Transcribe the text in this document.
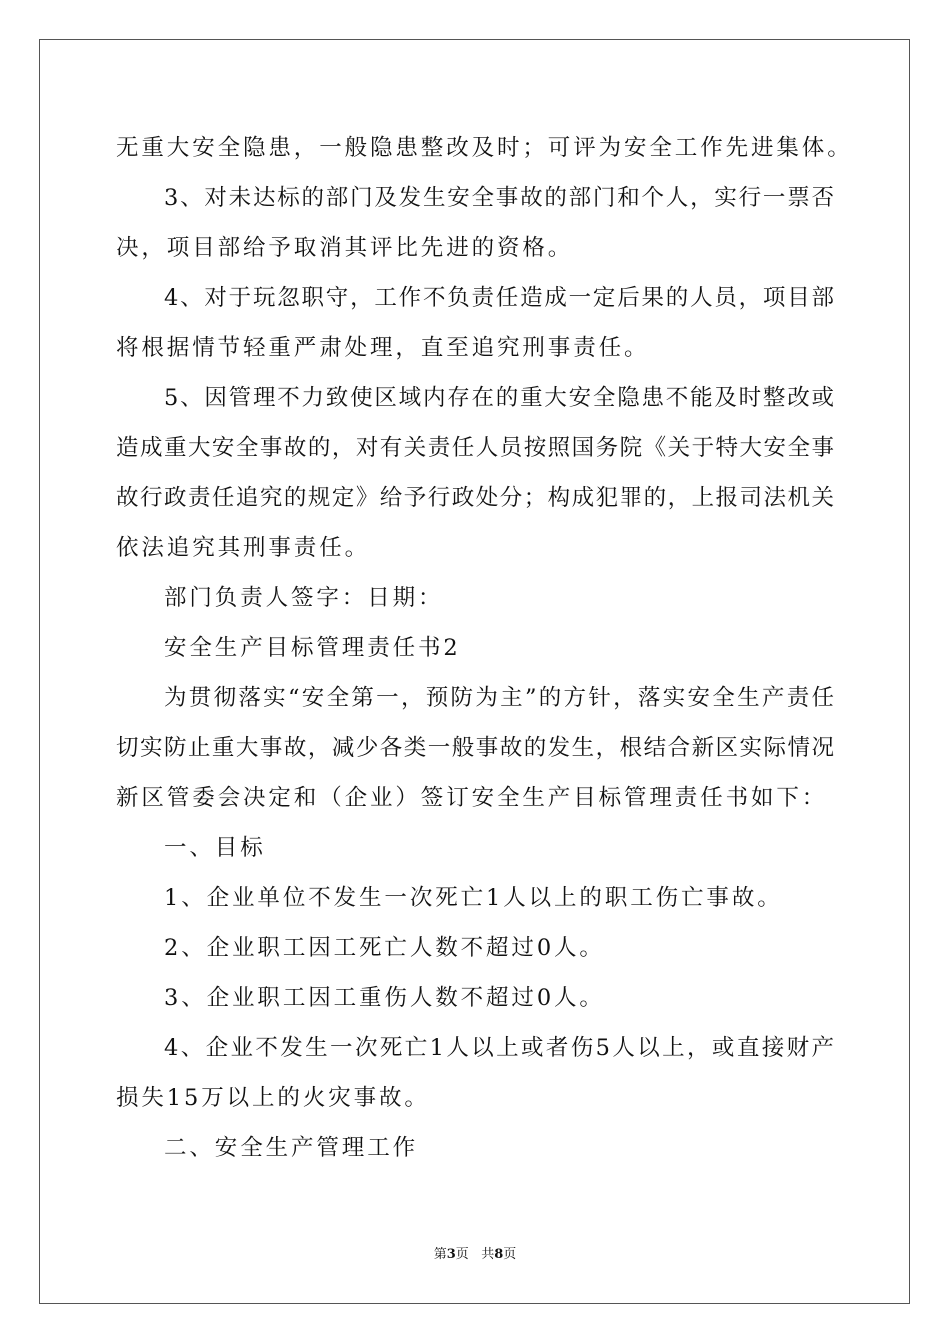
无重大安全隐患，一般隐患整改及时；可评为安全工作先进集体。
3、对未达标的部门及发生安全事故的部门和个人，实行一票否
决，项目部给予取消其评比先进的资格。
4、对于玩忽职守，工作不负责任造成一定后果的人员，项目部
将根据情节轻重严肃处理，直至追究刑事责任。
5、因管理不力致使区域内存在的重大安全隐患不能及时整改或
造成重大安全事故的，对有关责任人员按照国务院《关于特大安全事
故行政责任追究的规定》给予行政处分；构成犯罪的，上报司法机关
依法追究其刑事责任。
部门负责人签字：日期：
安全生产目标管理责任书2
为贯彻落实“安全第一，预防为主”的方针，落实安全生产责任
切实防止重大事故，减少各类一般事故的发生，根结合新区实际情况
新区管委会决定和（企业）签订安全生产目标管理责任书如下：
一、目标
1、企业单位不发生一次死亡1人以上的职工伤亡事故。
2、企业职工因工死亡人数不超过0人。
3、企业职工因工重伤人数不超过0人。
4、企业不发生一次死亡1人以上或者伤5人以上，或直接财产
损失15万以上的火灾事故。
二、安全生产管理工作
第3页   共8页
